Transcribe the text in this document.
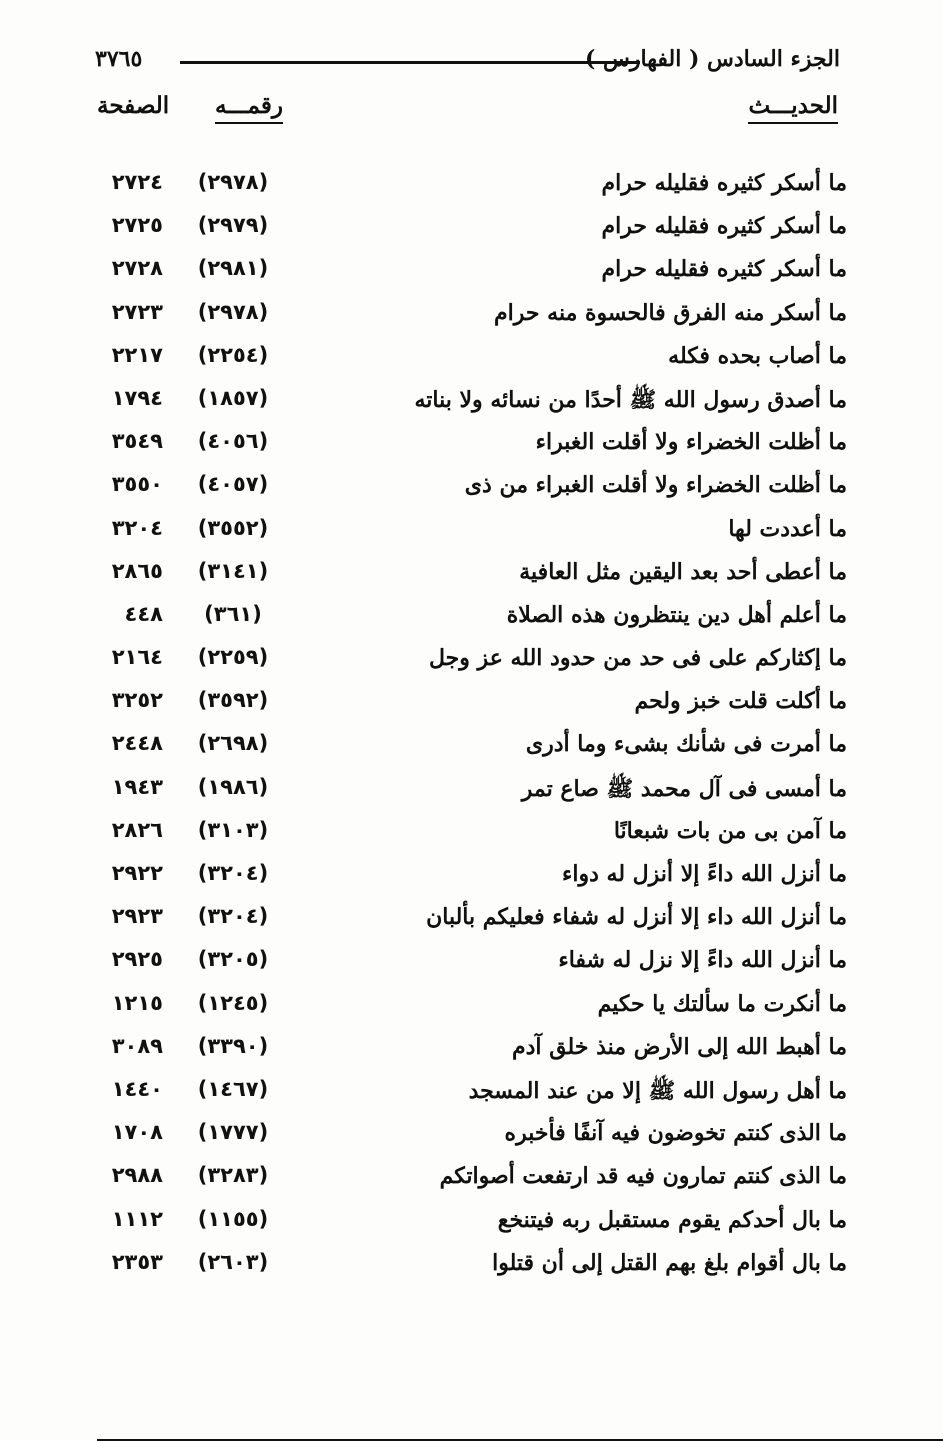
الجزء السادس ( الفهارس )
٣٧٦٥
الحديـــث
رقمـــه
الصفحة
ما أسكر كثيره فقليله حرام
(٢٩٧٨)
٢٧٢٤
ما أسكر كثيره فقليله حرام
(٢٩٧٩)
٢٧٢٥
ما أسكر كثيره فقليله حرام
(٢٩٨١)
٢٧٢٨
ما أسكر منه الفرق فالحسوة منه حرام
(٢٩٧٨)
٢٧٢٣
ما أصاب بحده فكله
(٢٢٥٤)
٢٢١٧
ما أصدق رسول الله ﷺ أحدًا من نسائه ولا بناته
(١٨٥٧)
١٧٩٤
ما أظلت الخضراء ولا أقلت الغبراء
(٤٠٥٦)
٣٥٤٩
ما أظلت الخضراء ولا أقلت الغبراء من ذى
(٤٠٥٧)
٣٥٥٠
ما أعددت لها
(٣٥٥٢)
٣٢٠٤
ما أعطى أحد بعد اليقين مثل العافية
(٣١٤١)
٢٨٦٥
ما أعلم أهل دين ينتظرون هذه الصلاة
(٣٦١)
٤٤٨
ما إكثاركم على فى حد من حدود الله عز وجل
(٢٢٥٩)
٢١٦٤
ما أكلت قلت خبز ولحم
(٣٥٩٢)
٣٢٥٢
ما أمرت فى شأنك بشىء وما أدرى
(٢٦٩٨)
٢٤٤٨
ما أمسى فى آل محمد ﷺ صاع تمر
(١٩٨٦)
١٩٤٣
ما آمن بى من بات شبعانًا
(٣١٠٣)
٢٨٢٦
ما أنزل الله داءً إلا أنزل له دواء
(٣٢٠٤)
٢٩٢٢
ما أنزل الله داء إلا أنزل له شفاء فعليكم بألبان
(٣٢٠٤)
٢٩٢٣
ما أنزل الله داءً إلا نزل له شفاء
(٣٢٠٥)
٢٩٢٥
ما أنكرت ما سألتك يا حكيم
(١٢٤٥)
١٢١٥
ما أهبط الله إلى الأرض منذ خلق آدم
(٣٣٩٠)
٣٠٨٩
ما أهل رسول الله ﷺ إلا من عند المسجد
(١٤٦٧)
١٤٤٠
ما الذى كنتم تخوضون فيه آنفًا فأخبره
(١٧٧٧)
١٧٠٨
ما الذى كنتم تمارون فيه قد ارتفعت أصواتكم
(٣٢٨٣)
٢٩٨٨
ما بال أحدكم يقوم مستقبل ربه فيتنخع
(١١٥٥)
١١١٢
ما بال أقوام بلغ بهم القتل إلى أن قتلوا
(٢٦٠٣)
٢٣٥٣
